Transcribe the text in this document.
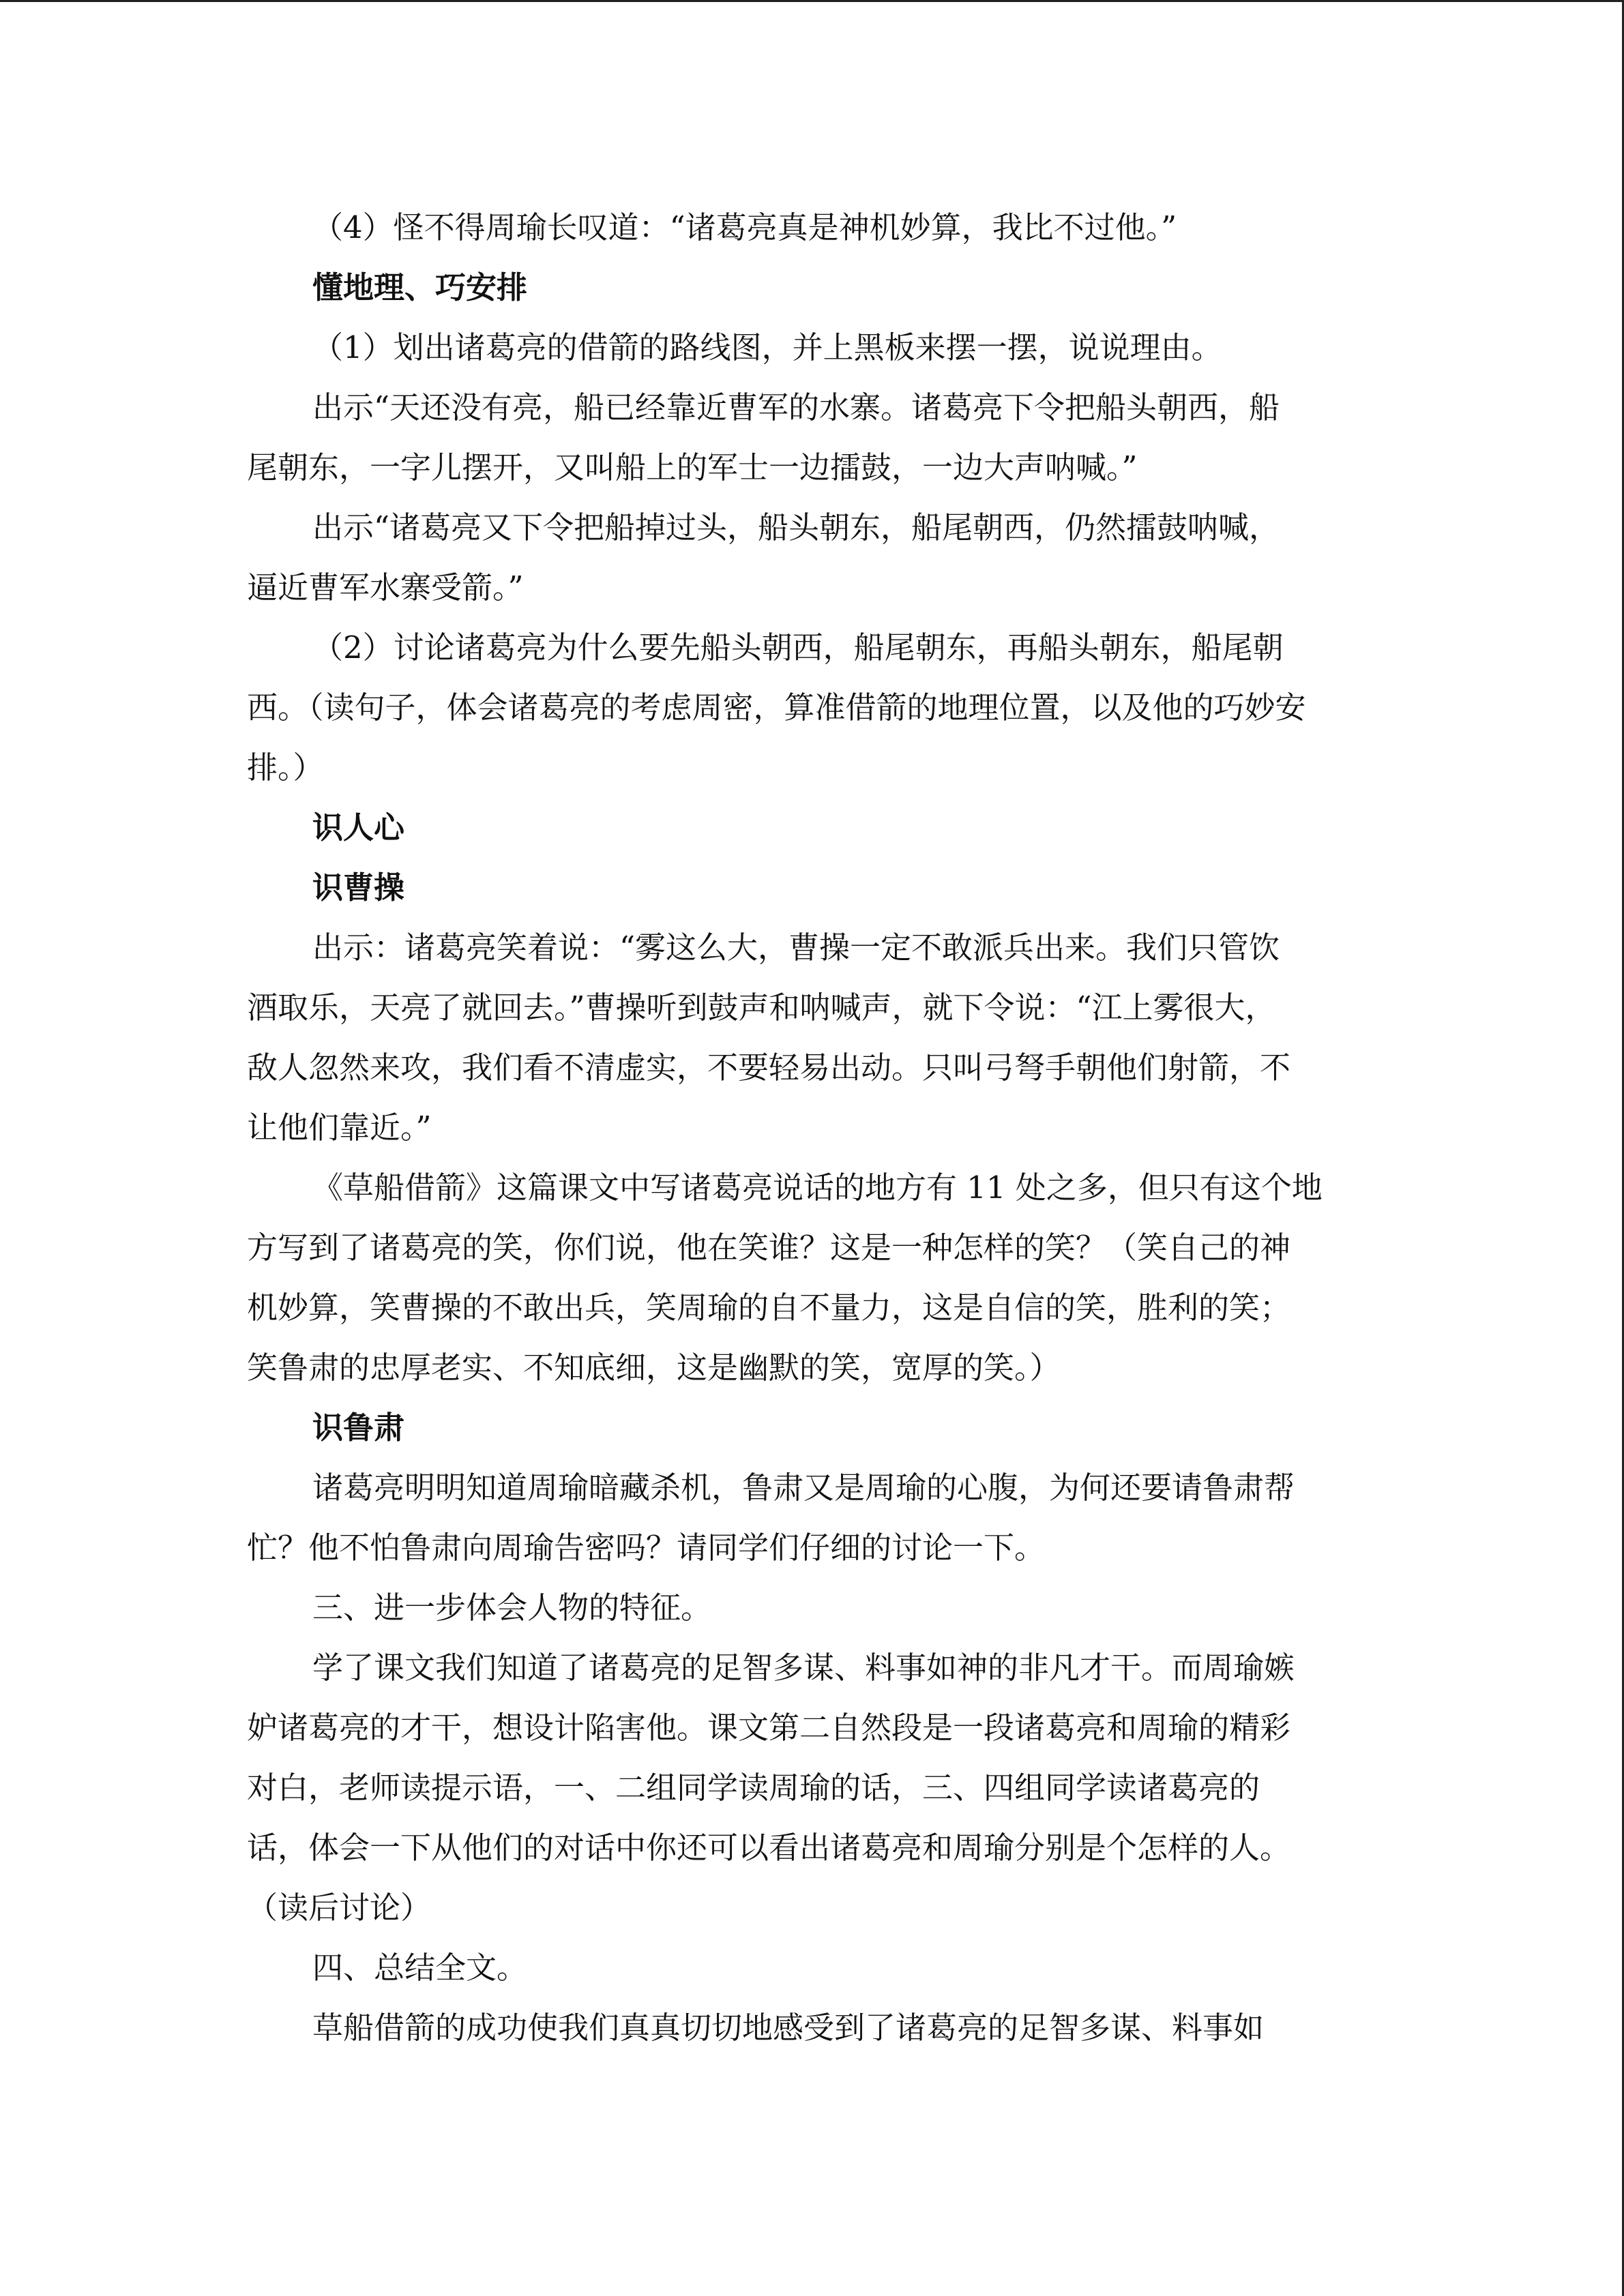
（4）怪不得周瑜长叹道：“诸葛亮真是神机妙算，我比不过他。”
懂地理、巧安排
（1）划出诸葛亮的借箭的路线图，并上黑板来摆一摆，说说理由。
出示“天还没有亮，船已经靠近曹军的水寨。诸葛亮下令把船头朝西，船
尾朝东，一字儿摆开，又叫船上的军士一边擂鼓，一边大声呐喊。”
出示“诸葛亮又下令把船掉过头，船头朝东，船尾朝西，仍然擂鼓呐喊，
逼近曹军水寨受箭。”
（2）讨论诸葛亮为什么要先船头朝西，船尾朝东，再船头朝东，船尾朝
西。（读句子，体会诸葛亮的考虑周密，算准借箭的地理位置，以及他的巧妙安
排。）
识人心
识曹操
出示：诸葛亮笑着说：“雾这么大，曹操一定不敢派兵出来。我们只管饮
酒取乐，天亮了就回去。”曹操听到鼓声和呐喊声，就下令说：“江上雾很大，
敌人忽然来攻，我们看不清虚实，不要轻易出动。只叫弓弩手朝他们射箭，不
让他们靠近。”
《草船借箭》这篇课文中写诸葛亮说话的地方有 11 处之多，但只有这个地
方写到了诸葛亮的笑，你们说，他在笑谁？这是一种怎样的笑？（笑自己的神
机妙算，笑曹操的不敢出兵，笑周瑜的自不量力，这是自信的笑，胜利的笑；
笑鲁肃的忠厚老实、不知底细，这是幽默的笑，宽厚的笑。）
识鲁肃
诸葛亮明明知道周瑜暗藏杀机，鲁肃又是周瑜的心腹，为何还要请鲁肃帮
忙？他不怕鲁肃向周瑜告密吗？请同学们仔细的讨论一下。
三、进一步体会人物的特征。
学了课文我们知道了诸葛亮的足智多谋、料事如神的非凡才干。而周瑜嫉
妒诸葛亮的才干，想设计陷害他。课文第二自然段是一段诸葛亮和周瑜的精彩
对白，老师读提示语，一、二组同学读周瑜的话，三、四组同学读诸葛亮的
话，体会一下从他们的对话中你还可以看出诸葛亮和周瑜分别是个怎样的人。
（读后讨论）
四、总结全文。
草船借箭的成功使我们真真切切地感受到了诸葛亮的足智多谋、料事如
